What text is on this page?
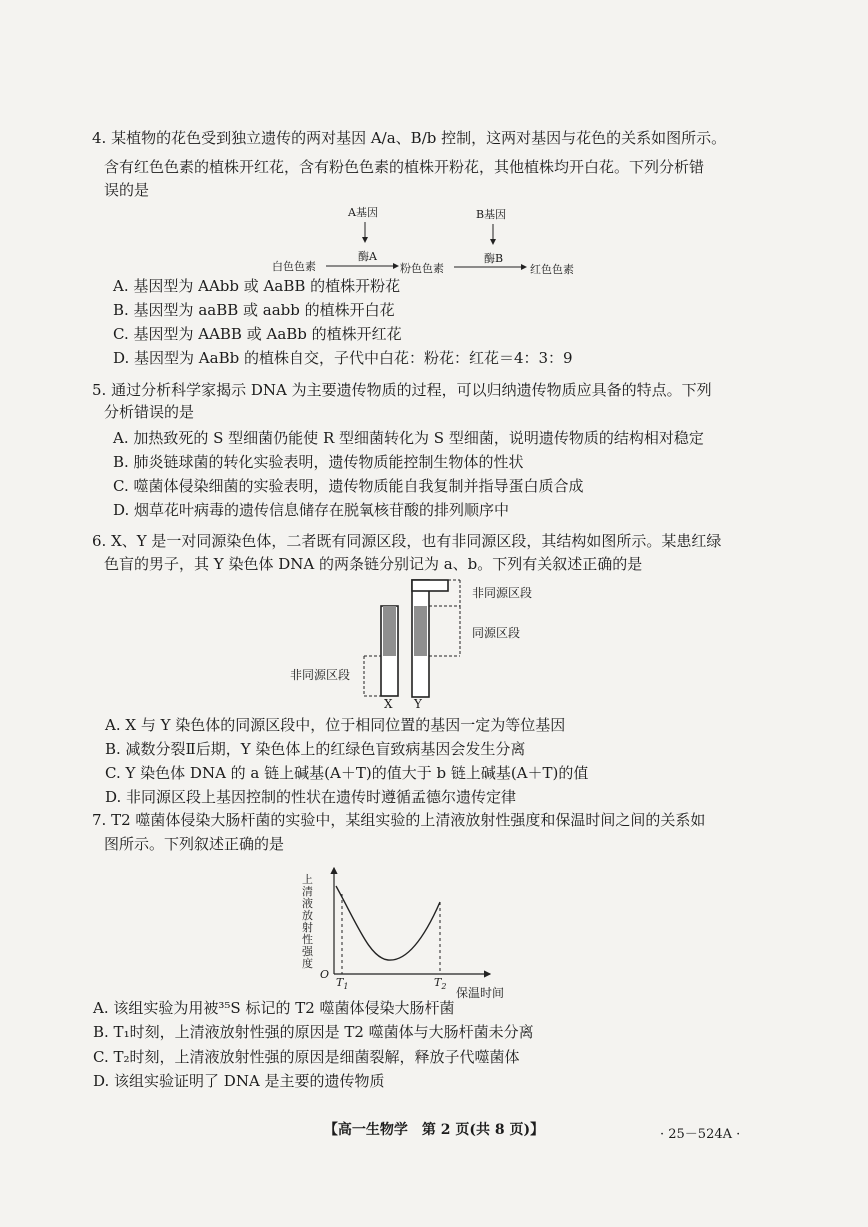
4. 某植物的花色受到独立遗传的两对基因 A/a、B/b 控制，这两对基因与花色的关系如图所示。
含有红色色素的植株开红花，含有粉色色素的植株开粉花，其他植株均开白花。下列分析错
误的是
A基因	B基因
酶A	酶B
白色色素	粉色色素	红色色素
A. 基因型为 AAbb 或 AaBB 的植株开粉花
B. 基因型为 aaBB 或 aabb 的植株开白花
C. 基因型为 AABB 或 AaBb 的植株开红花
D. 基因型为 AaBb 的植株自交，子代中白花：粉花：红花＝4：3：9
5. 通过分析科学家揭示 DNA 为主要遗传物质的过程，可以归纳遗传物质应具备的特点。下列
分析错误的是
A. 加热致死的 S 型细菌仍能使 R 型细菌转化为 S 型细菌，说明遗传物质的结构相对稳定
B. 肺炎链球菌的转化实验表明，遗传物质能控制生物体的性状
C. 噬菌体侵染细菌的实验表明，遗传物质能自我复制并指导蛋白质合成
D. 烟草花叶病毒的遗传信息储存在脱氧核苷酸的排列顺序中
6. X、Y 是一对同源染色体，二者既有同源区段，也有非同源区段，其结构如图所示。某患红绿
色盲的男子，其 Y 染色体 DNA 的两条链分别记为 a、b。下列有关叙述正确的是
非同源区段
同源区段
非同源区段
X Y
A. X 与 Y 染色体的同源区段中，位于相同位置的基因一定为等位基因
B. 减数分裂Ⅱ后期，Y 染色体上的红绿色盲致病基因会发生分离
C. Y 染色体 DNA 的 a 链上碱基(A＋T)的值大于 b 链上碱基(A＋T)的值
D. 非同源区段上基因控制的性状在遗传时遵循孟德尔遗传定律
7. T2 噬菌体侵染大肠杆菌的实验中，某组实验的上清液放射性强度和保温时间之间的关系如
图所示。下列叙述正确的是
上清液放射性强度
O
$T_1$	$T_2$ 保温时间
A. 该组实验为用被³⁵S 标记的 T2 噬菌体侵染大肠杆菌
B. T₁时刻，上清液放射性强的原因是 T2 噬菌体与大肠杆菌未分离
C. T₂时刻，上清液放射性强的原因是细菌裂解，释放子代噬菌体
D. 该组实验证明了 DNA 是主要的遗传物质
【高一生物学　第 2 页(共 8 页)】	· 25－524A ·
